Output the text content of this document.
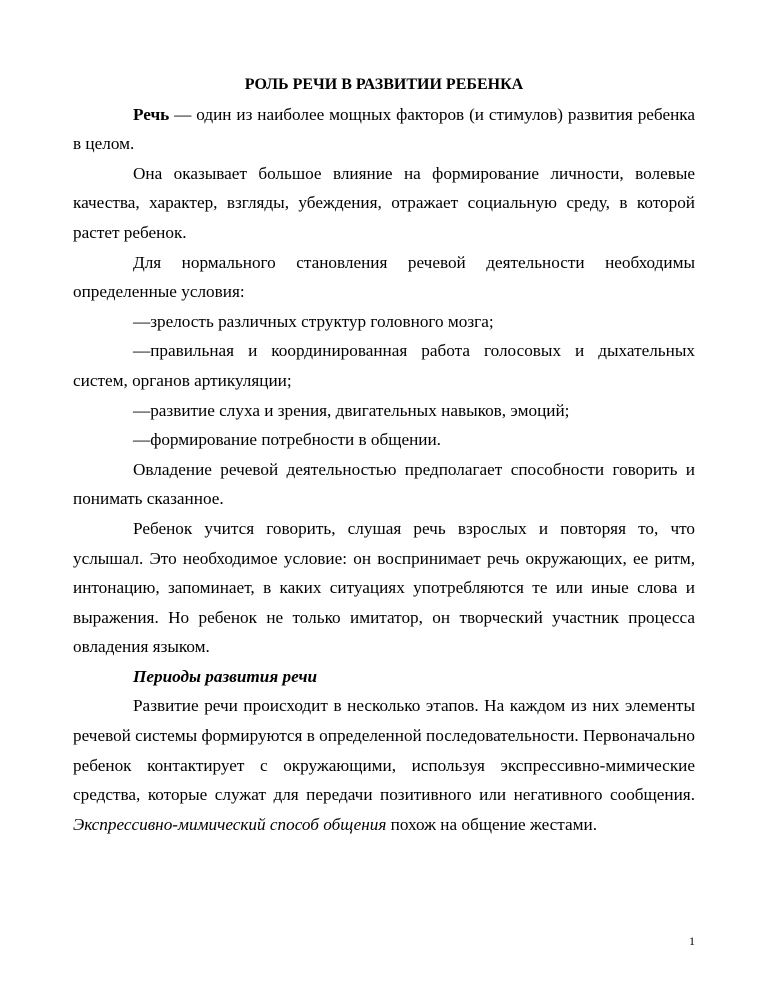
РОЛЬ РЕЧИ В РАЗВИТИИ РЕБЕНКА

Речь — один из наиболее мощных факторов (и стимулов) развития ребенка в целом.

Она оказывает большое влияние на формирование личности, волевые качества, характер, взгляды, убеждения, отражает социальную среду, в которой растет ребенок.

Для нормального становления речевой деятельности необходимы определенные условия:

—зрелость различных структур головного мозга;

—правильная и координированная работа голосовых и дыхательных систем, органов артикуляции;

—развитие слуха и зрения, двигательных навыков, эмоций;

—формирование потребности в общении.

Овладение речевой деятельностью предполагает способности говорить и понимать сказанное.

Ребенок учится говорить, слушая речь взрослых и повторяя то, что услышал. Это необходимое условие: он воспринимает речь окружающих, ее ритм, интонацию, запоминает, в каких ситуациях употребляются те или иные слова и выражения. Но ребенок не только имитатор, он творческий участник процесса овладения языком.

Периоды развития речи

Развитие речи происходит в несколько этапов. На каждом из них элементы речевой системы формируются в определенной последовательности. Первоначально ребенок контактирует с окружающими, используя экспрессивно-мимические средства, которые служат для передачи позитивного или негативного сообщения. Экспрессивно-мимический способ общения похож на общение жестами.

1
